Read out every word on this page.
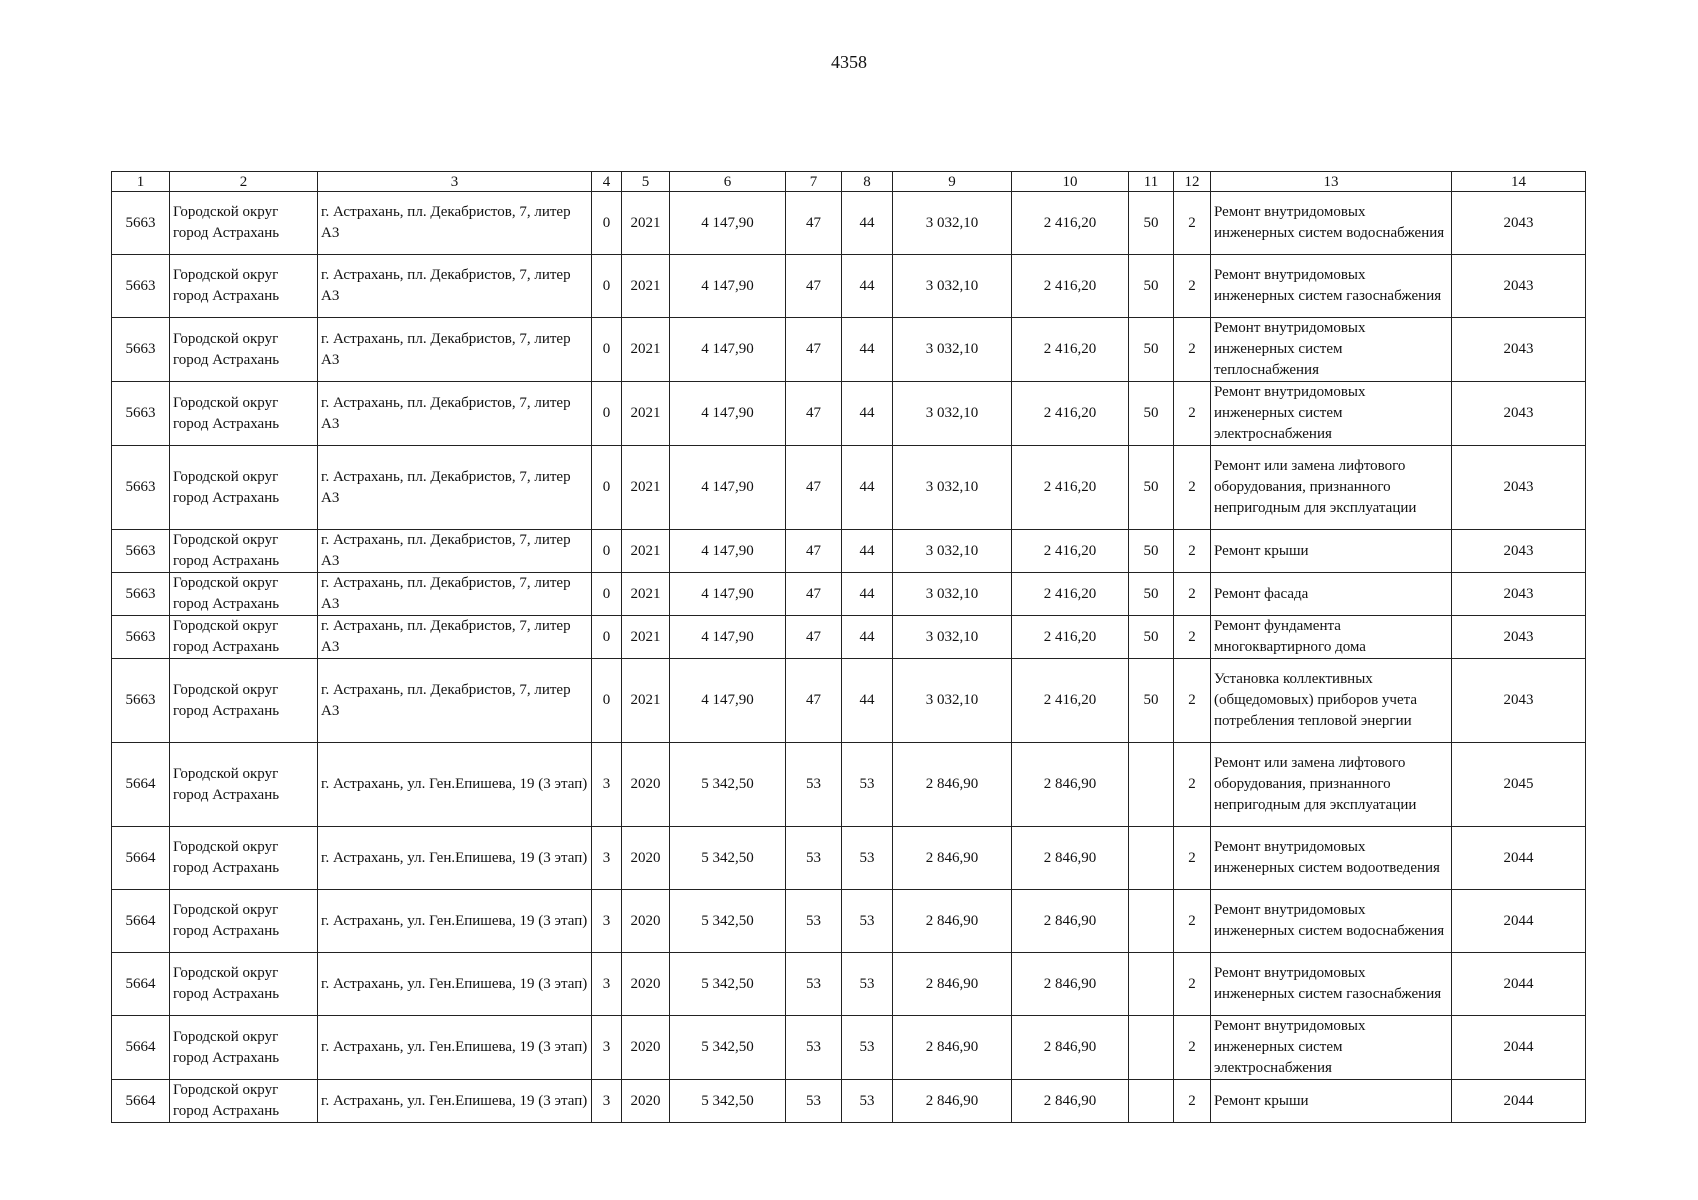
4358
1	2	3	4	5	6	7	8	9	10	11	12	13	14
5663	Городской округ город Астрахань	г. Астрахань, пл. Декабристов, 7, литер А3	0	2021	4 147,90	47	44	3 032,10	2 416,20	50	2	Ремонт внутридомовых инженерных систем водоснабжения	2043
5663	Городской округ город Астрахань	г. Астрахань, пл. Декабристов, 7, литер А3	0	2021	4 147,90	47	44	3 032,10	2 416,20	50	2	Ремонт внутридомовых инженерных систем газоснабжения	2043
5663	Городской округ город Астрахань	г. Астрахань, пл. Декабристов, 7, литер А3	0	2021	4 147,90	47	44	3 032,10	2 416,20	50	2	Ремонт внутридомовых инженерных систем теплоснабжения	2043
5663	Городской округ город Астрахань	г. Астрахань, пл. Декабристов, 7, литер А3	0	2021	4 147,90	47	44	3 032,10	2 416,20	50	2	Ремонт внутридомовых инженерных систем электроснабжения	2043
5663	Городской округ город Астрахань	г. Астрахань, пл. Декабристов, 7, литер А3	0	2021	4 147,90	47	44	3 032,10	2 416,20	50	2	Ремонт или замена лифтового оборудования, признанного непригодным для эксплуатации	2043
5663	Городской округ город Астрахань	г. Астрахань, пл. Декабристов, 7, литер А3	0	2021	4 147,90	47	44	3 032,10	2 416,20	50	2	Ремонт крыши	2043
5663	Городской округ город Астрахань	г. Астрахань, пл. Декабристов, 7, литер А3	0	2021	4 147,90	47	44	3 032,10	2 416,20	50	2	Ремонт фасада	2043
5663	Городской округ город Астрахань	г. Астрахань, пл. Декабристов, 7, литер А3	0	2021	4 147,90	47	44	3 032,10	2 416,20	50	2	Ремонт фундамента многоквартирного дома	2043
5663	Городской округ город Астрахань	г. Астрахань, пл. Декабристов, 7, литер А3	0	2021	4 147,90	47	44	3 032,10	2 416,20	50	2	Установка коллективных (общедомовых) приборов учета потребления тепловой энергии	2043
5664	Городской округ город Астрахань	г. Астрахань, ул. Ген.Епишева, 19 (3 этап)	3	2020	5 342,50	53	53	2 846,90	2 846,90		2	Ремонт или замена лифтового оборудования, признанного непригодным для эксплуатации	2045
5664	Городской округ город Астрахань	г. Астрахань, ул. Ген.Епишева, 19 (3 этап)	3	2020	5 342,50	53	53	2 846,90	2 846,90		2	Ремонт внутридомовых инженерных систем водоотведения	2044
5664	Городской округ город Астрахань	г. Астрахань, ул. Ген.Епишева, 19 (3 этап)	3	2020	5 342,50	53	53	2 846,90	2 846,90		2	Ремонт внутридомовых инженерных систем водоснабжения	2044
5664	Городской округ город Астрахань	г. Астрахань, ул. Ген.Епишева, 19 (3 этап)	3	2020	5 342,50	53	53	2 846,90	2 846,90		2	Ремонт внутридомовых инженерных систем газоснабжения	2044
5664	Городской округ город Астрахань	г. Астрахань, ул. Ген.Епишева, 19 (3 этап)	3	2020	5 342,50	53	53	2 846,90	2 846,90		2	Ремонт внутридомовых инженерных систем электроснабжения	2044
5664	Городской округ город Астрахань	г. Астрахань, ул. Ген.Епишева, 19 (3 этап)	3	2020	5 342,50	53	53	2 846,90	2 846,90		2	Ремонт крыши	2044
